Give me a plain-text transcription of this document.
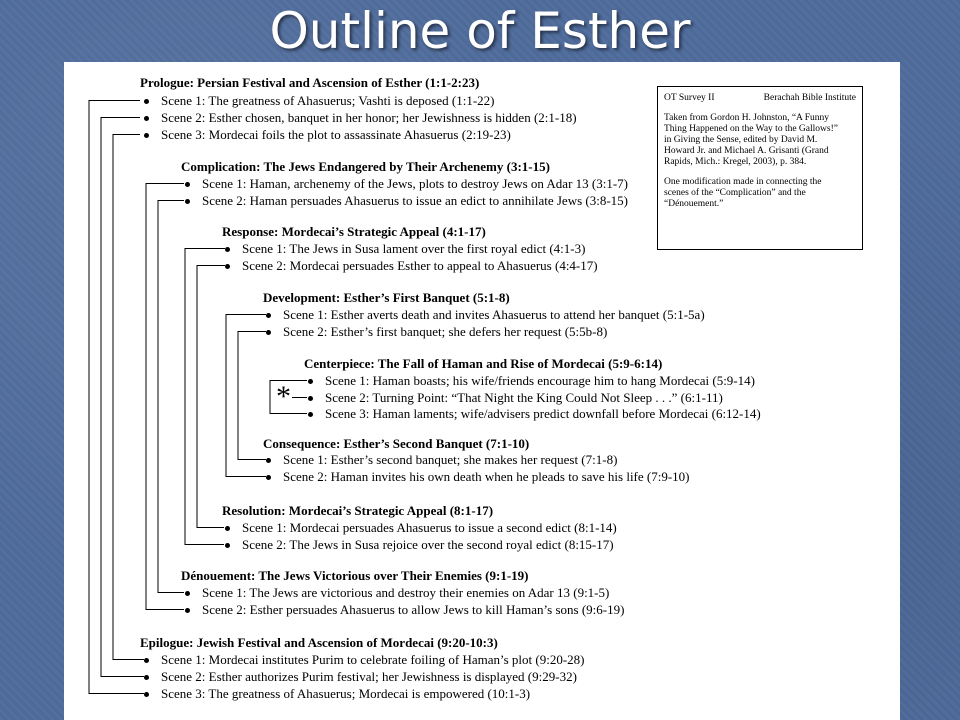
Outline of Esther
Prologue: Persian Festival and Ascension of Esther (1:1-2:23)
Scene 1: The greatness of Ahasuerus; Vashti is deposed (1:1-22)
Scene 2: Esther chosen, banquet in her honor; her Jewishness is hidden (2:1-18)
Scene 3: Mordecai foils the plot to assassinate Ahasuerus (2:19-23)
Complication: The Jews Endangered by Their Archenemy (3:1-15)
Scene 1: Haman, archenemy of the Jews, plots to destroy Jews on Adar 13 (3:1-7)
Scene 2: Haman persuades Ahasuerus to issue an edict to annihilate Jews (3:8-15)
Response: Mordecai’s Strategic Appeal (4:1-17)
Scene 1: The Jews in Susa lament over the first royal edict (4:1-3)
Scene 2: Mordecai persuades Esther to appeal to Ahasuerus (4:4-17)
Development: Esther’s First Banquet (5:1-8)
Scene 1: Esther averts death and invites Ahasuerus to attend her banquet (5:1-5a)
Scene 2: Esther’s first banquet; she defers her request (5:5b-8)
Centerpiece: The Fall of Haman and Rise of Mordecai (5:9-6:14)
Scene 1: Haman boasts; his wife/friends encourage him to hang Mordecai (5:9-14)
Scene 2: Turning Point: “That Night the King Could Not Sleep . . .” (6:1-11)
Scene 3: Haman laments; wife/advisers predict downfall before Mordecai (6:12-14)
Consequence: Esther’s Second Banquet (7:1-10)
Scene 1: Esther’s second banquet; she makes her request (7:1-8)
Scene 2: Haman invites his own death when he pleads to save his life (7:9-10)
Resolution: Mordecai’s Strategic Appeal (8:1-17)
Scene 1: Mordecai persuades Ahasuerus to issue a second edict (8:1-14)
Scene 2: The Jews in Susa rejoice over the second royal edict (8:15-17)
Dénouement: The Jews Victorious over Their Enemies (9:1-19)
Scene 1: The Jews are victorious and destroy their enemies on Adar 13 (9:1-5)
Scene 2: Esther persuades Ahasuerus to allow Jews to kill Haman’s sons (9:6-19)
Epilogue: Jewish Festival and Ascension of Mordecai (9:20-10:3)
Scene 1: Mordecai institutes Purim to celebrate foiling of Haman’s plot (9:20-28)
Scene 2: Esther authorizes Purim festival; her Jewishness is displayed (9:29-32)
Scene 3: The greatness of Ahasuerus; Mordecai is empowered (10:1-3)
*
OT Survey II	Berachah Bible Institute
Taken from Gordon H. Johnston, “A Funny
Thing Happened on the Way to the Gallows!”
in Giving the Sense, edited by David M.
Howard Jr. and Michael A. Grisanti (Grand
Rapids, Mich.: Kregel, 2003), p. 384.
One modification made in connecting the
scenes of the “Complication” and the
“Dénouement.”
